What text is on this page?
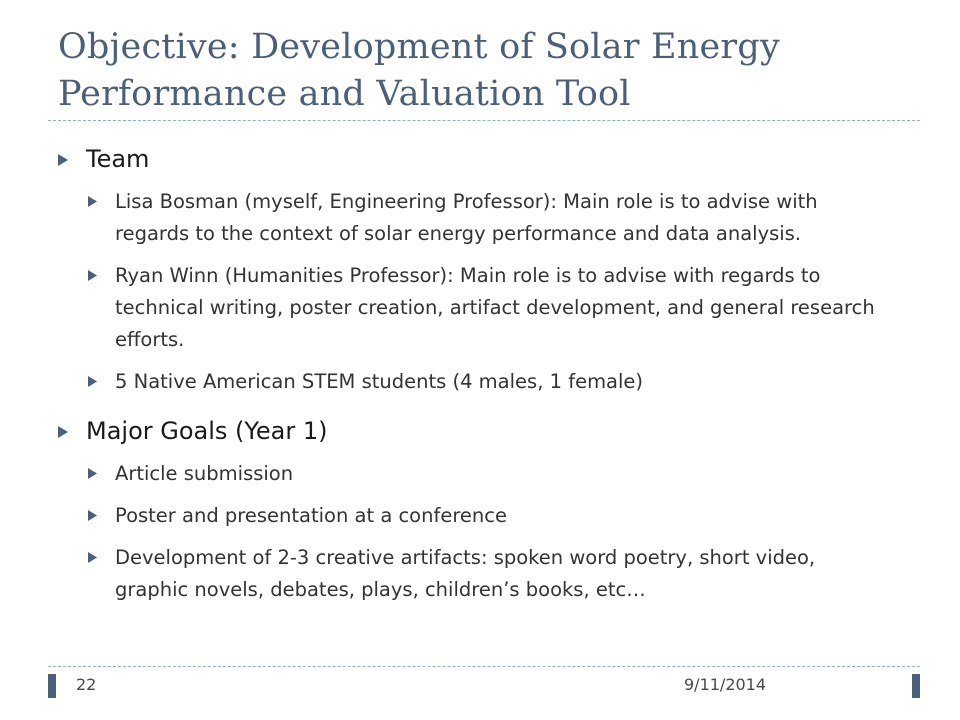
Objective: Development of Solar Energy Performance and Valuation Tool
Team
Lisa Bosman (myself, Engineering Professor): Main role is to advise with regards to the context of solar energy performance and data analysis.
Ryan Winn (Humanities Professor): Main role is to advise with regards to technical writing, poster creation, artifact development, and general research efforts.
5 Native American STEM students (4 males, 1 female)
Major Goals (Year 1)
Article submission
Poster and presentation at a conference
Development of 2-3 creative artifacts: spoken word poetry, short video, graphic novels, debates, plays, children’s books, etc…
22	9/11/2014
